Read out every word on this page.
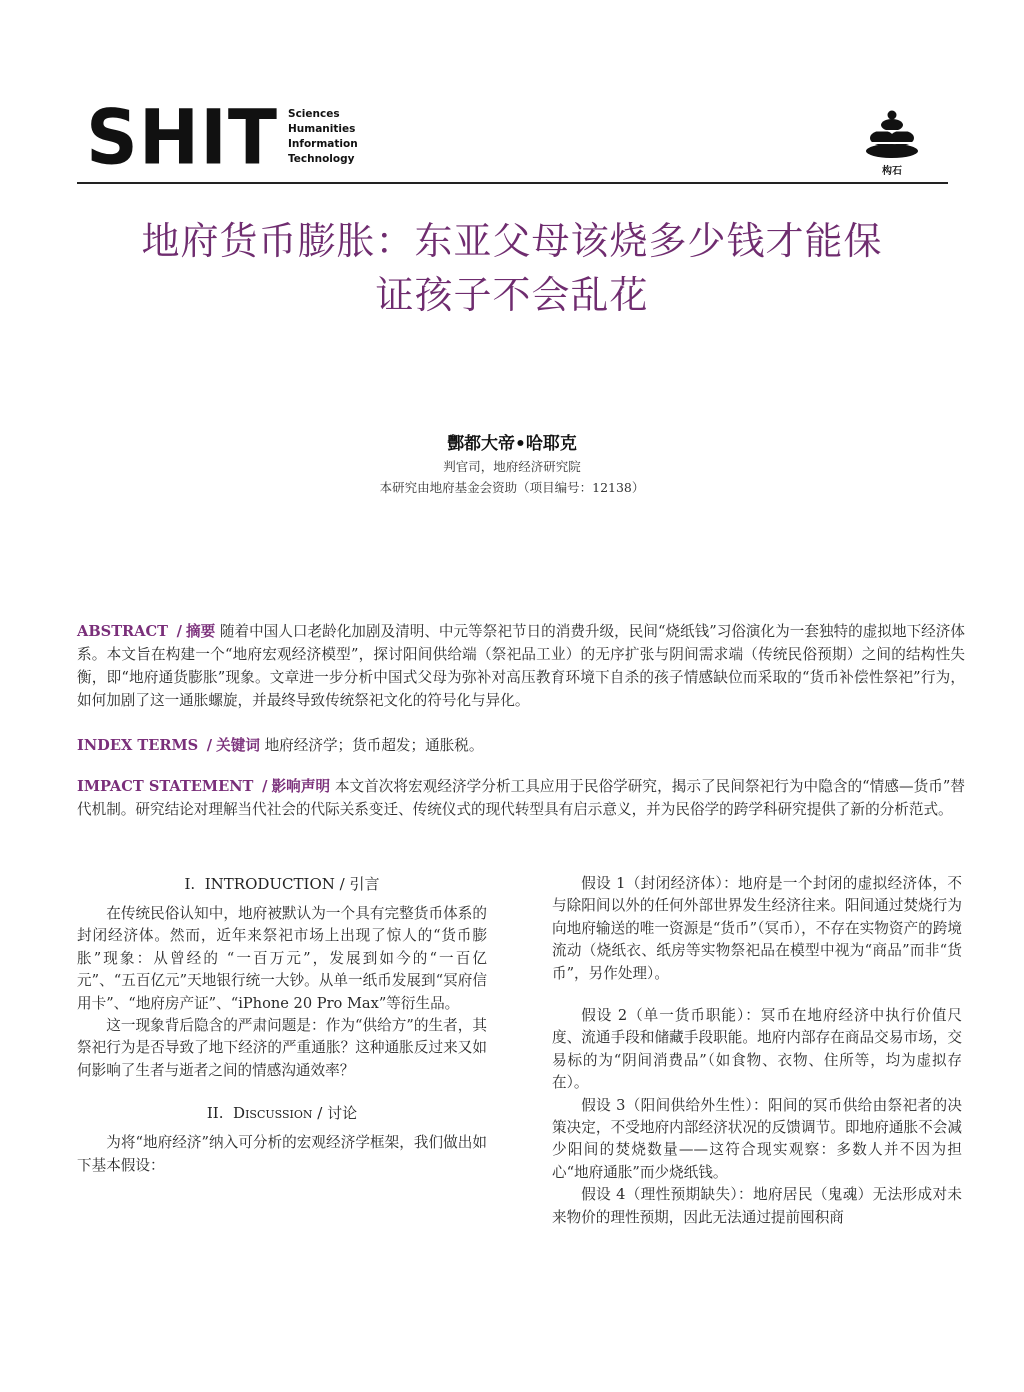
SHIT Sciences
Humanities
Information
Technology
构石
地府货币膨胀：东亚父母该烧多少钱才能保
证孩子不会乱花
酆都大帝•哈耶克
判官司，地府经济研究院
本研究由地府基金会资助（项目编号：12138）
ABSTRACT / 摘要 随着中国人口老龄化加剧及清明、中元等祭祀节日的消费升级，民间“烧纸钱”习俗演化为一套独特的虚拟地下经济体系。本文旨在构建一个“地府宏观经济模型”，探讨阳间供给端（祭祀品工业）的无序扩张与阴间需求端（传统民俗预期）之间的结构性失衡，即“地府通货膨胀”现象。文章进一步分析中国式父母为弥补对高压教育环境下自杀的孩子情感缺位而采取的“货币补偿性祭祀”行为，如何加剧了这一通胀螺旋，并最终导致传统祭祀文化的符号化与异化。
INDEX TERMS / 关键词 地府经济学；货币超发；通胀税。
IMPACT STATEMENT / 影响声明 本文首次将宏观经济学分析工具应用于民俗学研究，揭示了民间祭祀行为中隐含的“情感—货币”替代机制。研究结论对理解当代社会的代际关系变迁、传统仪式的现代转型具有启示意义，并为民俗学的跨学科研究提供了新的分析范式。
I. INTRODUCTION / 引言

在传统民俗认知中，地府被默认为一个具有完整货币体系的封闭经济体。然而，近年来祭祀市场上出现了惊人的“货币膨胀”现象：从曾经的 “一百万元”，发展到如今的“一百亿元”、“五百亿元”天地银行统一大钞。从单一纸币发展到“冥府信用卡”、“地府房产证”、“iPhone 20 Pro Max”等衍生品。

这一现象背后隐含的严肃问题是：作为“供给方”的生者，其祭祀行为是否导致了地下经济的严重通胀？这种通胀反过来又如何影响了生者与逝者之间的情感沟通效率？

II. Discussion / 讨论

为将“地府经济”纳入可分析的宏观经济学框架，我们做出如下基本假设：

假设 1（封闭经济体）：地府是一个封闭的虚拟经济体，不与除阳间以外的任何外部世界发生经济往来。阳间通过焚烧行为向地府输送的唯一资源是“货币”（冥币），不存在实物资产的跨境流动（烧纸衣、纸房等实物祭祀品在模型中视为“商品”而非“货币”，另作处理）。

假设 2（单一货币职能）：冥币在地府经济中执行价值尺度、流通手段和储藏手段职能。地府内部存在商品交易市场，交易标的为“阴间消费品”（如食物、衣物、住所等，均为虚拟存在）。

假设 3（阳间供给外生性）：阳间的冥币供给由祭祀者的决策决定，不受地府内部经济状况的反馈调节。即地府通胀不会减少阳间的焚烧数量——这符合现实观察：多数人并不因为担心“地府通胀”而少烧纸钱。

假设 4（理性预期缺失）：地府居民（鬼魂）无法形成对未来物价的理性预期，因此无法通过提前囤积商
